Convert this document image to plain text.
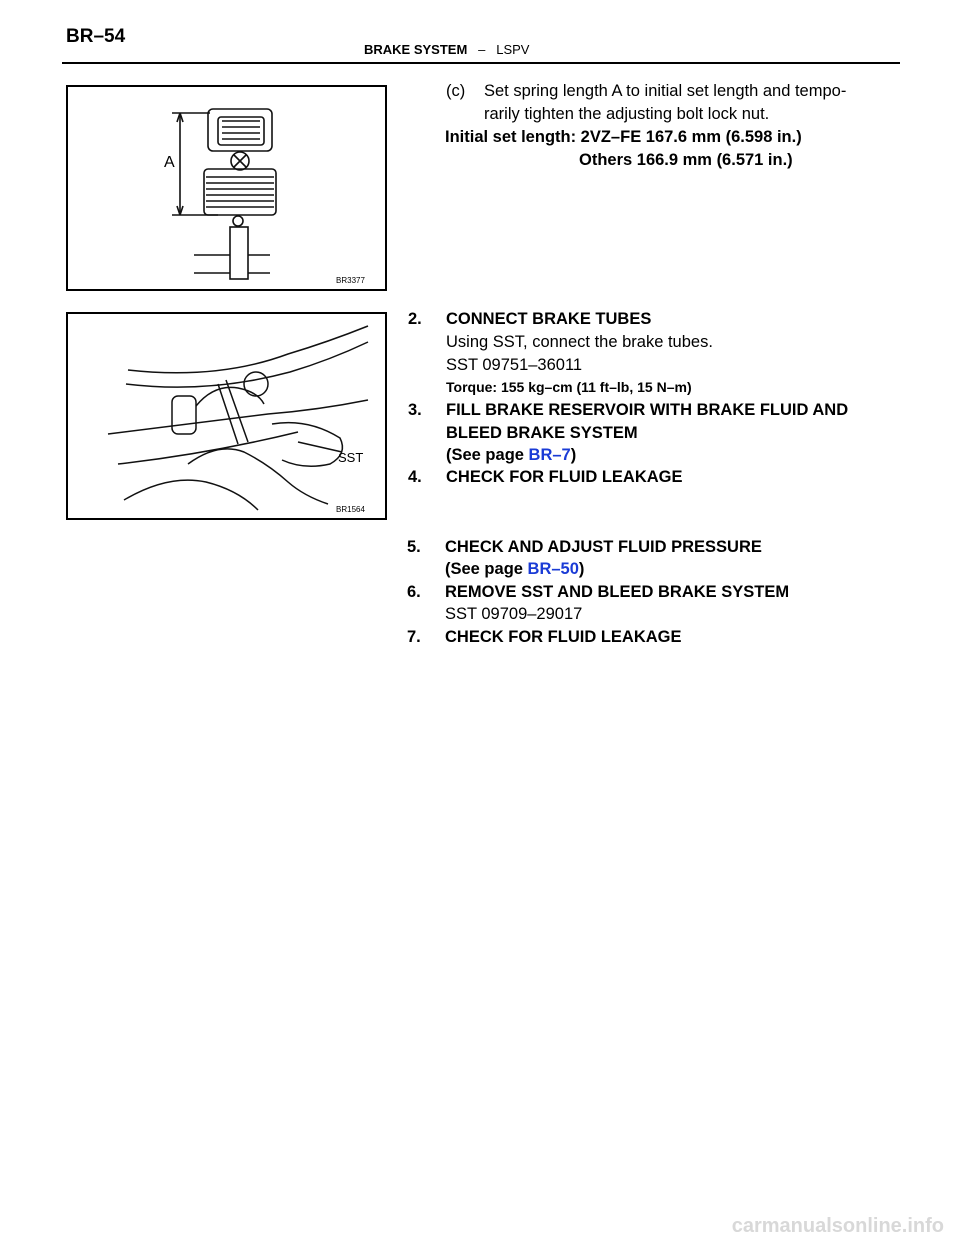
BR–54
BRAKE SYSTEM – LSPV
A
BR3377
SST
BR1564
(c) Set spring length A to initial set length and tempo-
rarily tighten the adjusting bolt lock nut.
Initial set length: 2VZ–FE 167.6 mm (6.598 in.)
Others 166.9 mm (6.571 in.)
2. CONNECT BRAKE TUBES
Using SST, connect the brake tubes.
SST 09751–36011
Torque: 155 kg–cm (11 ft–lb, 15 N–m)
3. FILL BRAKE RESERVOIR WITH BRAKE FLUID AND
BLEED BRAKE SYSTEM
(See page BR–7)
4. CHECK FOR FLUID LEAKAGE
5. CHECK AND ADJUST FLUID PRESSURE
(See page BR–50)
6. REMOVE SST AND BLEED BRAKE SYSTEM
SST 09709–29017
7. CHECK FOR FLUID LEAKAGE
carmanualsonline.info
